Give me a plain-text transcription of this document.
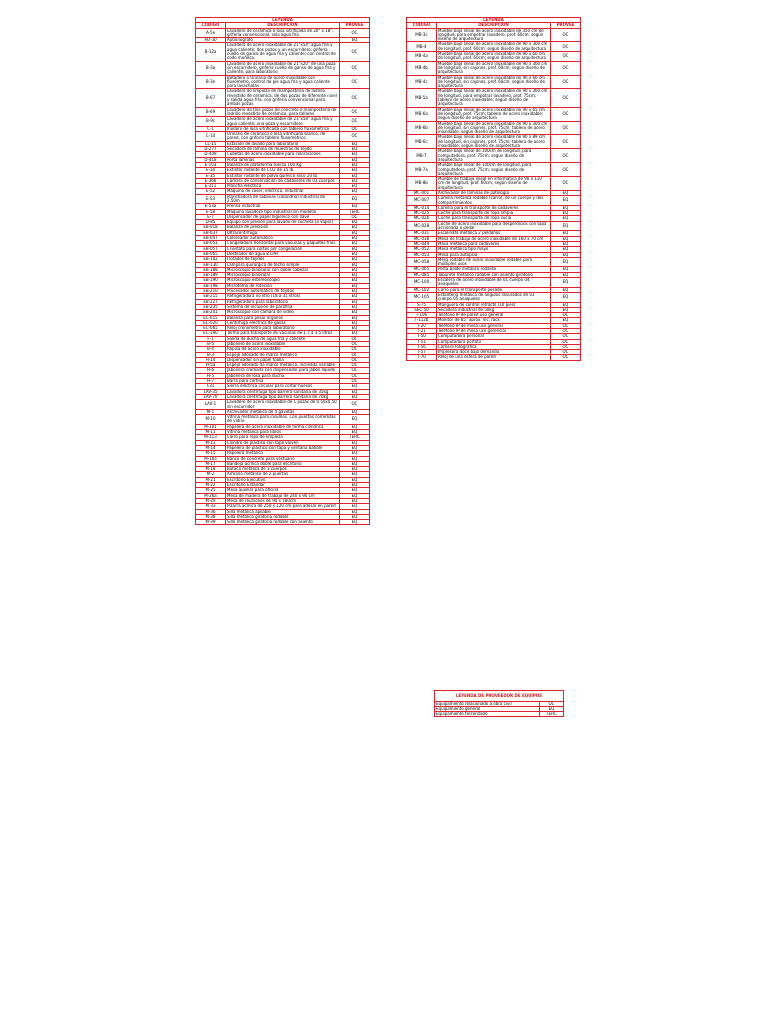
LEYENDA		
CODIGO	DESCRIPCION	PROVEE
A-5e	Lavadero de cerámica ó losa vitrificada de 20" x 18", grifería convencional, sola agua fría	OC
AO-30	Autoinografo	EQ
B-12a	Lavadero de acero inoxidable de 21"x54" agua fría y agua caliente; dos pozos y un escurridero; grifería cuello de ganso de agua fría y caliente; con control de codo muñeca.	OC
B-3a	Lavadero de acero inoxidable de 21"x20" de una poza sin escurridero, grifería cuello de ganso de agua fría y caliente, para laboratorio	OC
B-3e	Botadero o Urinario de acero inoxidable con fluxómetro, control de pie agua fría y agua caliente para lavachatas	OC
B-67	Lavadero de limpieza de mampostería de ladrillo revestido de cerámica, de dos pozas de diferente nivel y salida agua fría, con grifería convencional para ambas pozas	OC
B-69	Lavadero de tres pozas de concreto o mampostería de ladrillo revestido de cerámico, para tallares	OC
B-9c	Lavadero de acero inoxidable de 21"x58" agua fría y agua caliente; una poza y escurridero	OC
C-1	Inodoro de losa vitrificada con tablero fluxométrico	OC
C-10	Urinario de cerámica ó losa vitrificada blanco, de pared, con grifería tablero fluxométrico	OC
CL-15	Estación de lavado para laboratorio	EQ
D-277	Secadora de lámina de muestras de tejido	EQ
D-409	Cubetas de acero inoxidable para coloraciones	EQ
D-418	Porta laminas	EQ
E-103	Balanza de plataforma fuerza 160 Kg	EQ
E-34	Extintor rodante de CO2 de 15 lb.	EQ
E-35	Extintor rodante de polvo químico seco 20 lb.	EQ
E-366	Cámara de conservación de cadáveres de 03 cuerpos	EQ
E-311	Plancha eléctrica	EQ
E-52	Máquina de coser, eléctrica, industrial	EQ
E-53	Planchadora de sabanas (calandria) industrial de 2.50m	EQ
E-53a	Prensa industrial	EQ
E-58	Máquina lavadora tipo industrial sin modella	TERC
E-7	Dispensador de papel higiénico con llave	OC
D-85	Equipo con presión para lavado de cocheta (a vapor)	EQ
EB-018	Balanza de precisión	EQ
EB-037	Ultracentrífuga	EQ
EB-047	Coloreador automático	EQ
EB-051	Congeladora horizontal para vacunas y paquetes fríos	EQ
EB-057	Criostato para cortes por congelación	EQ
EB-065	Destilador de agua 8 LPH	EQ
EB-102	Flotador de tejidos	EQ
EB-130	Lámpara quirúrgica de techo simple	EQ
EB-188	Microscopio binocular con doble cabezal	EQ
EB-189	Microscopio binocular	EQ
EB-190	Microscopio estereoscopio	EQ
EB-198	Micrótomo de rotación	EQ
EB-210	Procesador automático de tejidos	EQ
EB-215	Refrigeradora no litro (18 a 31 litros)	EQ
EB-227	Refrigeradora para laboratorio	EQ
EB-235	Sistema de inclusión de parafina	EQ
EB-241	Microscopio con cámara de video	EQ
EC-015	Balanza para pesar órganos	EQ
EC-020	Centrífuga eléctrica de gasas	EQ
EC-065	Reloj cronómetro para laboratorio	EQ
EC-190	Termo para transporte de vacunas de 1.7 a 3.5 litros	EQ
F-1	Salida de ducha de agua fría y caliente	OC
B-5	Jabonero de acero inoxidable	OC
B-4	Repisa de acero inoxidable	OC
B-3	Espejo adosado de marco metálico	OC
H-14	Dispensador sin papel toalla	OC
H-5a	Espejo adosado de marco metálico, inclinada variable	OC
H-6	Jabonera cremada con dispensador para jabón líquido	OC
H-5	Jabonera de losa para ducha	OC
H-7	Barra para cortina	OC
I-31	Sierra eléctrica circular para cortar huesos	EQ
LAV-35	Lavadora centrífuga tipo barrera sanitaria de 35kg	EQ
LAV-70	Lavadora centrífuga tipo barrera sanitaria de 70kg	EQ
LAV-1	Lavadero de acero inoxidable de 1 pozas de 0.50x0.50 sin escurridor	OC
M-1	Archivador metálico de 4 gavetas	EQ
M-10	Vitrina metálica para insumos. Con puertas corredizas de vidrio	EQ
M-101	Papelera de acero inoxidable de forma cilíndrica	EQ
M-11	Vitrina metálica para libros	EQ
M-113	Carro para ropa de limpieza	TERC
M-13	Cilindro de plástico con tapa vaivén	EQ
M-14	Papelera de plástico con tapa y ventana bátible	EQ
M-15	Papelera metálica	EQ
M-16a	Banco de concreto para vestuario	EQ
M-17	Bandeja acrílica doble para escritorio	EQ
M-18	Butaca metálica de 3 cuerpos	EQ
M-2	Armario metálico de 2 puertas	EQ
M-21	Escritorio Ejecutivo	EQ
M-22	Escritorio Estándar	EQ
M-25	Mesa auxiliar para oficina	EQ
M-26a	Mesa de madera de trabajo de 240 x 90 cm	EQ
M-29	Mesa de reuniones de 90 x 180cm	EQ
M-33	Pizarra acrílica de 250 x 120 cm para adosar en pared	EQ
M-36	Silla metálica apilable	EQ
M-38	Silla metálica giratoria rodable	EQ
M-39	Silla metálica giratoria rodable con asiento	EQ
LEYENDA		
CODIGO	DESCRIPCION	PROVEE
MB-3c	Mueble bajo lineal de acero inoxidable de 350 cm de longitud, para empotrar lavadero, prof. 60cm; según diseño de arquitectura	OC
MB-4	Mueble bajo lineal de acero inoxidable de 90 x 300 cm de longitud, prof. 60cm; según diseño de arquitectura	OC
MB-4a	Mueble bajo lineal de acero inoxidable de 90 x 60 cm de longitud, prof. 60cm; según diseño de arquitectura	OC
MB-4b	Mueble bajo lineal de acero inoxidable de 90 x 300 cm de longitud, sin cajones, prof. 60cm; según diseño de arquitectura	OC
MB-4c	Mueble bajo lineal de acero inoxidable de 90 x 60 cm de longitud, sin cajones, prof. 60cm; según diseño de arquitectura	OC
MB-5a	Mueble bajo lineal de acero inoxidable de 90 x 300 cm de longitud, para empotrar lavadero, prof. 75cm; tablero de acero inoxidable; según diseño de arquitectura	OC
MB-6a	Mueble bajo lineal de acero inoxidable de 90 x 65 cm de longitud, prof. 75cm; tablero de acero inoxidable; según diseño de arquitectura	OC
MB-6b	Mueble bajo lineal de acero inoxidable de 90 x 300 cm de longitud, sin cajones, prof. 75cm; tablero de acero inoxidable; según diseño de arquitectura	OC
MB-6c	Mueble bajo lineal de acero inoxidable de 90 x 89 cm de longitud, sin cajones, prof. 75cm; tablero de acero inoxidable; según diseño de arquitectura	OC
MB-7	Mueble bajo lineal de 100cm de longitud, para computadora, prof. 75cm; según diseño de arquitectura	OC
MB-7a	Mueble bajo lineal de 100cm de longitud, para computadora, prof. 75cm; según diseño de arquitectura	OC
MB-8b	Mueble de trabajo lineal en informática de 90 x 110 cm de longitud, prof. 60cm; según diseño de arquitectura	OC
MC-001	Archivador de láminas de patología	EQ
MC-007	Camilla metálica rodable (carro), de un cuerpo y dos compartimientos	EQ
MC-014	Camilla para el transporte de cadáveres	EQ
MC-025	Coche para transporte de ropa limpia	EQ
MC-026	Coche para transporte de ropa sucia	EQ
MC-028	Coche de acero inoxidable para desperdicios con tapa accionada a pedal	EQ
MC-031	Escalinata metálica 2 peldaños	EQ
MC-038	Mesa de trabajo de acero inoxidable de 160 x 70 cm	EQ
MC-049	Mesa metálica para cadáveres	EQ
MC-052	Mesa metálica tipo mayo	EQ
MC-053	Mesa para autopsia	EQ
MC-058	Mesa rodable de acero inoxidable rodable para múltiples usos	EQ
MC-065	Porta balde metálico rodante	EQ
MC-085	Taburete metálico rodable con asiento giratorio	EQ
MC-100	Escalera de acero inoxidable de 01 cuerpo 04 anaqueles	EQ
MC-102	Carro para el transporte pesado	EQ
MC-105	Estantería metálica de ángulos ranurados de 01 cuerpo 05 anaqueles	EQ
S-75	Manguera de control retráctil (10 pies)	EQ
SEC-50	Secadora industrial de 50kg	EQ
T-106	Teléfono IP de pared uso general	OC
T-112b	Monitor de 65" aprox. Inc. rack	EQ
T-20	Teléfono IP de mesa uso general	OC
T-21	Teléfono IP de mesa uso gerencial	OC
T-50	Computadora personal	OC
T-51	Computadora portátil	OC
T-56	Cámara fotográfica	OC
T-57	Impresora doce baja demanda	OC
T-70	Reloj de una esfera de pared	OC
LEYENDA DE PROVEEDOR DE EQUIPOS	
Equipamiento relacionado a obra civil	OC
Equipamiento general	EQ
Equipamiento tercerizado	TERC
